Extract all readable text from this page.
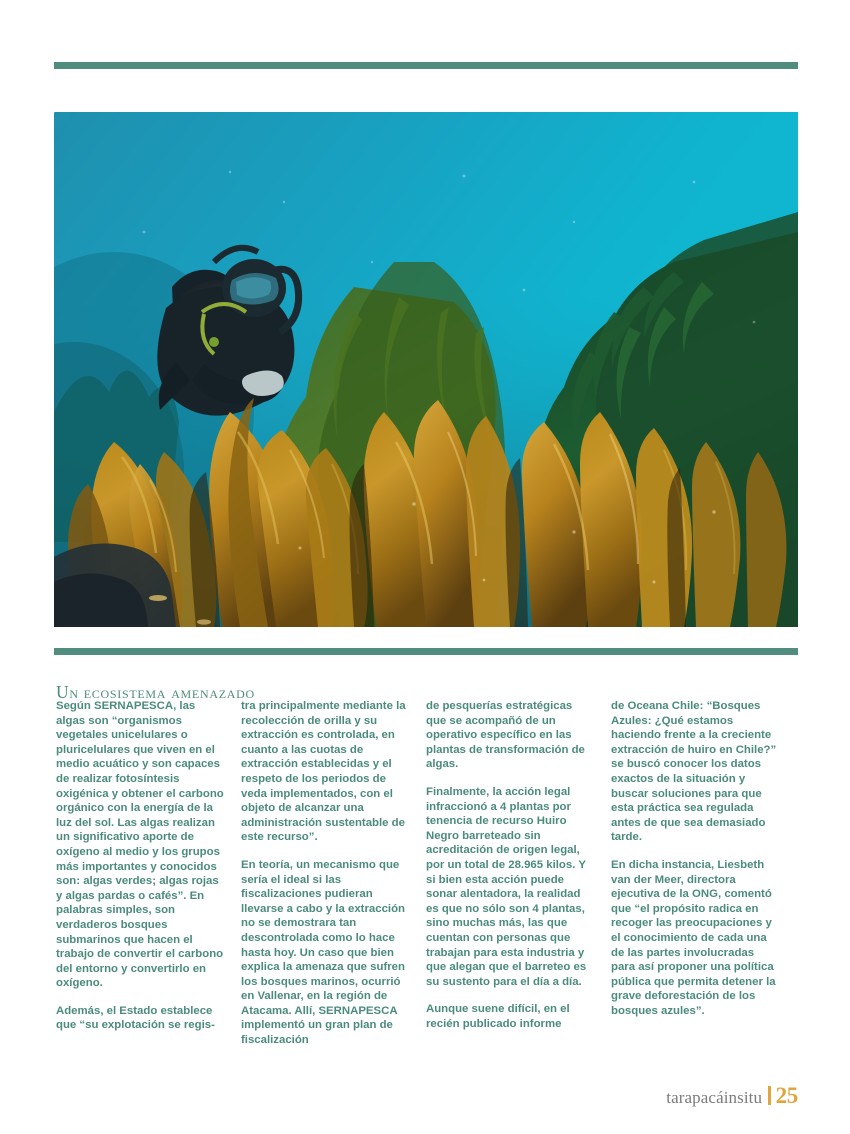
Un ecosistema amenazado

Según SERNAPESCA, las algas son “organismos vegetales unicelulares o pluricelulares que viven en el medio acuático y son capaces de realizar fotosíntesis oxigénica y obtener el carbono orgánico con la energía de la luz del sol. Las algas realizan un significativo aporte de oxígeno al medio y los grupos más importantes y conocidos son: algas verdes; algas rojas y algas pardas o cafés”. En palabras simples, son verdaderos bosques submarinos que hacen el trabajo de convertir el carbono del entorno y convertirlo en oxígeno.

Además, el Estado establece que “su explotación se regis-

tra principalmente mediante la recolección de orilla y su extracción es controlada, en cuanto a las cuotas de extracción establecidas y el respeto de los periodos de veda implementados, con el objeto de alcanzar una administración sustentable de este recurso”.

En teoría, un mecanismo que sería el ideal si las fiscalizaciones pudieran llevarse a cabo y la extracción no se demostrara tan descontrolada como lo hace hasta hoy. Un caso que bien explica la amenaza que sufren los bosques marinos, ocurrió en Vallenar, en la región de Atacama. Allí, SERNAPESCA implementó un gran plan de fiscalización

de pesquerías estratégicas que se acompañó de un operativo específico en las plantas de transformación de algas.

Finalmente, la acción legal infraccionó a 4 plantas por tenencia de recurso Huiro Negro barreteado sin acreditación de origen legal, por un total de 28.965 kilos. Y si bien esta acción puede sonar alentadora, la realidad es que no sólo son 4 plantas, sino muchas más, las que cuentan con personas que trabajan para esta industria y que alegan que el barreteo es su sustento para el día a día.

Aunque suene difícil, en el recién publicado informe

de Oceana Chile: “Bosques Azules: ¿Qué estamos haciendo frente a la creciente extracción de huiro en Chile?” se buscó conocer los datos exactos de la situación y buscar soluciones para que esta práctica sea regulada antes de que sea demasiado tarde.

En dicha instancia, Liesbeth van der Meer, directora ejecutiva de la ONG, comentó que “el propósito radica en recoger las preocupaciones y el conocimiento de cada una de las partes involucradas para así proponer una política pública que permita detener la grave deforestación de los bosques azules”.

tarapacáinsitu 25
